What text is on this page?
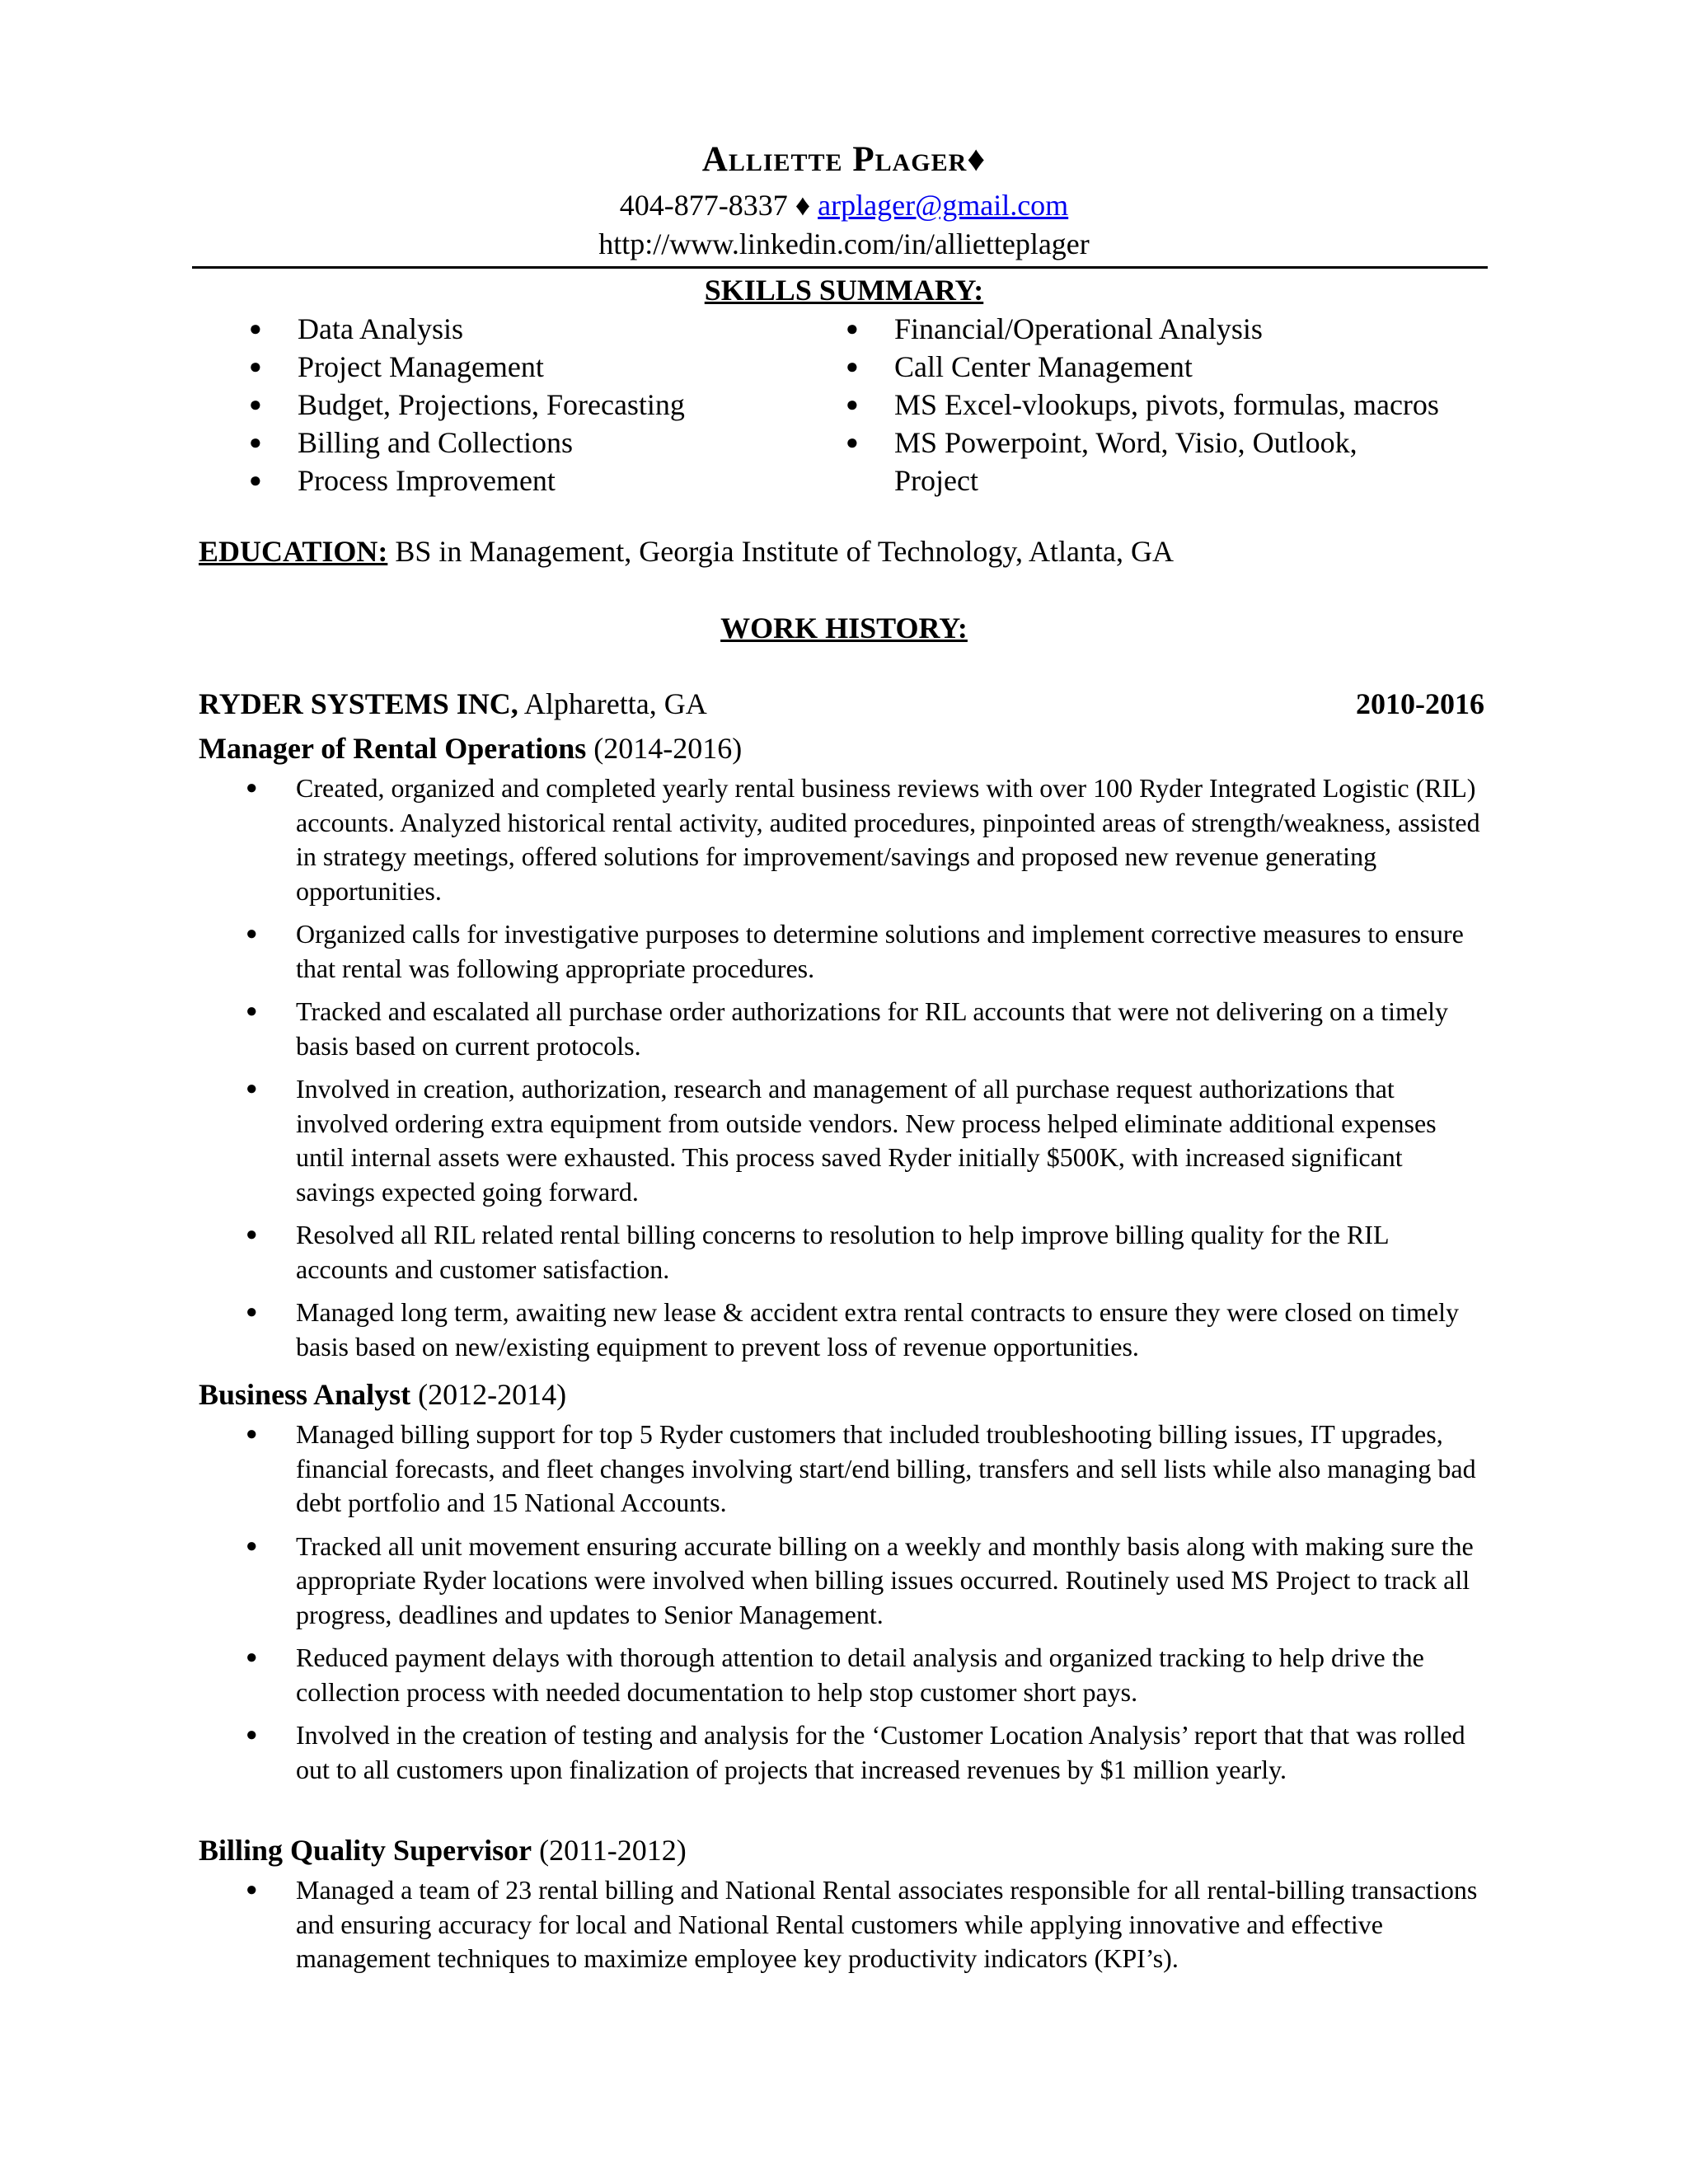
Alliette Plager♦
404-877-8337 ♦ arplager@gmail.com
http://www.linkedin.com/in/allietteplager
SKILLS SUMMARY:
● Data Analysis
● Project Management
● Budget, Projections, Forecasting
● Billing and Collections
● Process Improvement
● Financial/Operational Analysis
● Call Center Management
● MS Excel-vlookups, pivots, formulas, macros
● MS Powerpoint, Word, Visio, Outlook, Project
EDUCATION: BS in Management, Georgia Institute of Technology, Atlanta, GA
WORK HISTORY:
RYDER SYSTEMS INC, Alpharetta, GA	2010-2016
Manager of Rental Operations (2014-2016)
● Created, organized and completed yearly rental business reviews with over 100 Ryder Integrated Logistic (RIL) accounts. Analyzed historical rental activity, audited procedures, pinpointed areas of strength/weakness, assisted in strategy meetings, offered solutions for improvement/savings and proposed new revenue generating opportunities.
● Organized calls for investigative purposes to determine solutions and implement corrective measures to ensure that rental was following appropriate procedures.
● Tracked and escalated all purchase order authorizations for RIL accounts that were not delivering on a timely basis based on current protocols.
● Involved in creation, authorization, research and management of all purchase request authorizations that involved ordering extra equipment from outside vendors. New process helped eliminate additional expenses until internal assets were exhausted. This process saved Ryder initially $500K, with increased significant savings expected going forward.
● Resolved all RIL related rental billing concerns to resolution to help improve billing quality for the RIL accounts and customer satisfaction.
● Managed long term, awaiting new lease & accident extra rental contracts to ensure they were closed on timely basis based on new/existing equipment to prevent loss of revenue opportunities.
Business Analyst (2012-2014)
● Managed billing support for top 5 Ryder customers that included troubleshooting billing issues, IT upgrades, financial forecasts, and fleet changes involving start/end billing, transfers and sell lists while also managing bad debt portfolio and 15 National Accounts.
● Tracked all unit movement ensuring accurate billing on a weekly and monthly basis along with making sure the appropriate Ryder locations were involved when billing issues occurred. Routinely used MS Project to track all progress, deadlines and updates to Senior Management.
● Reduced payment delays with thorough attention to detail analysis and organized tracking to help drive the collection process with needed documentation to help stop customer short pays.
● Involved in the creation of testing and analysis for the ‘Customer Location Analysis’ report that that was rolled out to all customers upon finalization of projects that increased revenues by $1 million yearly.
Billing Quality Supervisor (2011-2012)
● Managed a team of 23 rental billing and National Rental associates responsible for all rental-billing transactions and ensuring accuracy for local and National Rental customers while applying innovative and effective management techniques to maximize employee key productivity indicators (KPI’s).
